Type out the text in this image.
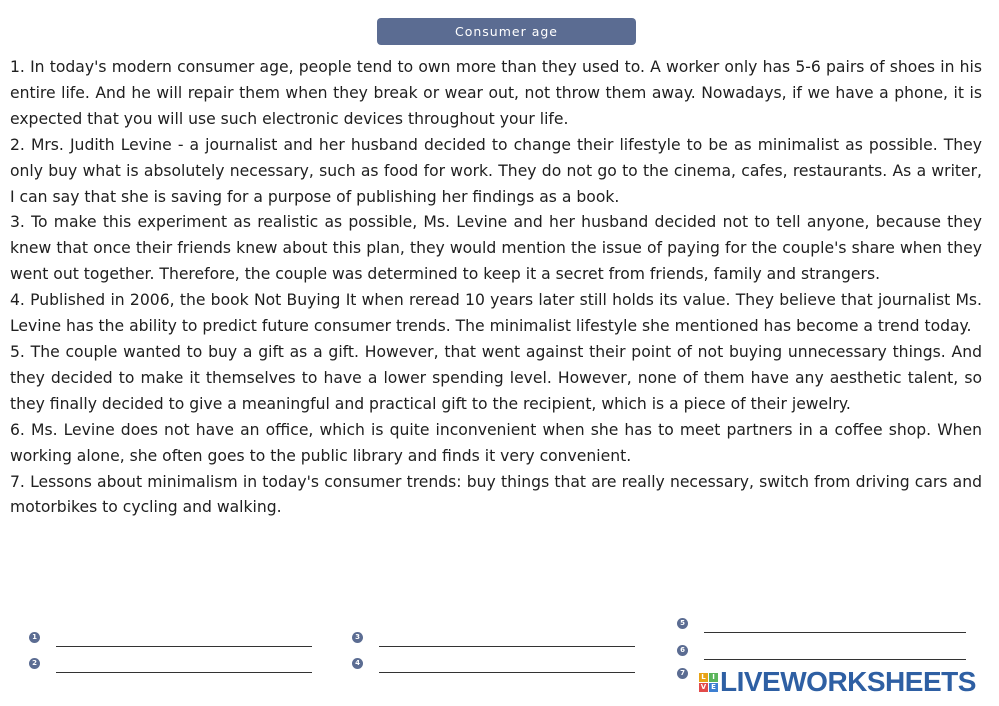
Consumer age

1. In today's modern consumer age, people tend to own more than they used to. A worker only has 5-6 pairs of shoes in his entire life. And he will repair them when they break or wear out, not throw them away. Nowadays, if we have a phone, it is expected that you will use such electronic devices throughout your life.

2. Mrs. Judith Levine - a journalist and her husband decided to change their lifestyle to be as minimalist as possible. They only buy what is absolutely necessary, such as food for work. They do not go to the cinema, cafes, restaurants. As a writer, I can say that she is saving for a purpose of publishing her findings as a book.

3. To make this experiment as realistic as possible, Ms. Levine and her husband decided not to tell anyone, because they knew that once their friends knew about this plan, they would mention the issue of paying for the couple's share when they went out together. Therefore, the couple was determined to keep it a secret from friends, family and strangers.

4. Published in 2006, the book Not Buying It when reread 10 years later still holds its value. They believe that journalist Ms. Levine has the ability to predict future consumer trends. The minimalist lifestyle she mentioned has become a trend today.

5. The couple wanted to buy a gift as a gift. However, that went against their point of not buying unnecessary things. And they decided to make it themselves to have a lower spending level. However, none of them have any aesthetic talent, so they finally decided to give a meaningful and practical gift to the recipient, which is a piece of their jewelry.

6. Ms. Levine does not have an office, which is quite inconvenient when she has to meet partners in a coffee shop. When working alone, she often goes to the public library and finds it very convenient.

7. Lessons about minimalism in today's consumer trends: buy things that are really necessary, switch from driving cars and motorbikes to cycling and walking.

1
2
3
4
5
6
7	L I
V E LIVEWORKSHEETS
